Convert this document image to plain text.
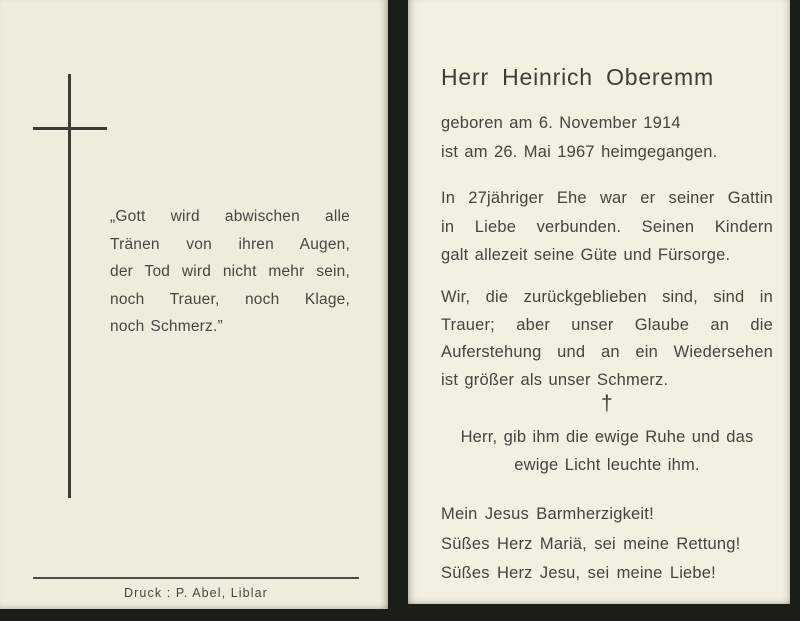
„Gott wird abwischen alle
Tränen von ihren Augen,
der Tod wird nicht mehr sein,
noch Trauer, noch Klage,
noch Schmerz.”
Druck : P. Abel, Liblar
Herr Heinrich Oberemm
geboren am 6. November 1914
ist am 26. Mai 1967 heimgegangen.
In 27jähriger Ehe war er seiner Gattin
in Liebe verbunden. Seinen Kindern
galt allezeit seine Güte und Fürsorge.
Wir, die zurückgeblieben sind, sind in
Trauer; aber unser Glaube an die
Auferstehung und an ein Wiedersehen
ist größer als unser Schmerz.
†
Herr, gib ihm die ewige Ruhe und das
ewige Licht leuchte ihm.
Mein Jesus Barmherzigkeit!
Süßes Herz Mariä, sei meine Rettung!
Süßes Herz Jesu, sei meine Liebe!
